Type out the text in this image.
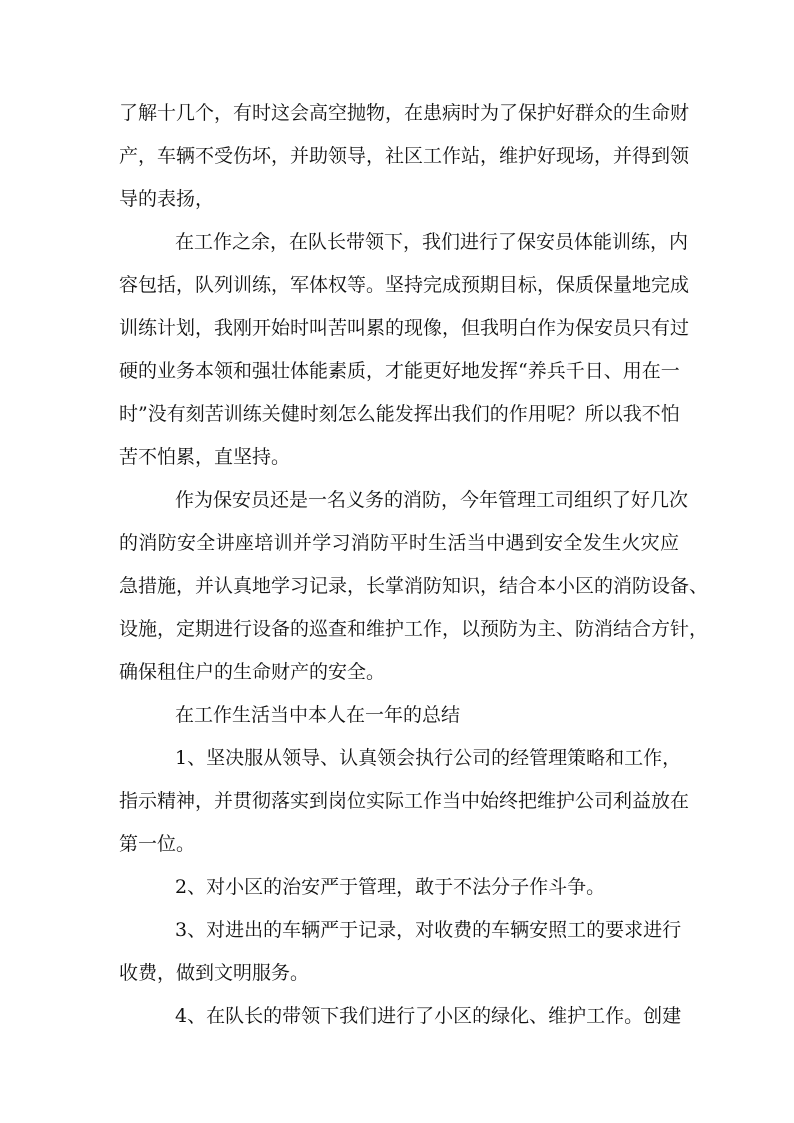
了解十几个，有时这会高空抛物，在患病时为了保护好群众的生命财
产，车辆不受伤坏，并助领导，社区工作站，维护好现场，并得到领
导的表扬，
在工作之余，在队长带领下，我们进行了保安员体能训练，内
容包括，队列训练，军体权等。坚持完成预期目标，保质保量地完成
训练计划，我刚开始时叫苦叫累的现像，但我明白作为保安员只有过
硬的业务本领和强壮体能素质，才能更好地发挥“养兵千日、用在一
时”没有刻苦训练关健时刻怎么能发挥出我们的作用呢？所以我不怕
苦不怕累，直坚持。
作为保安员还是一名义务的消防，今年管理工司组织了好几次
的消防安全讲座培训并学习消防平时生活当中遇到安全发生火灾应
急措施，并认真地学习记录，长掌消防知识，结合本小区的消防设备、
设施，定期进行设备的巡查和维护工作，以预防为主、防消结合方针，
确保租住户的生命财产的安全。
在工作生活当中本人在一年的总结
1、坚决服从领导、认真领会执行公司的经管理策略和工作，
指示精神，并贯彻落实到岗位实际工作当中始终把维护公司利益放在
第一位。
2、对小区的治安严于管理，敢于不法分子作斗争。
3、对进出的车辆严于记录，对收费的车辆安照工的要求进行
收费，做到文明服务。
4、在队长的带领下我们进行了小区的绿化、维护工作。创建
